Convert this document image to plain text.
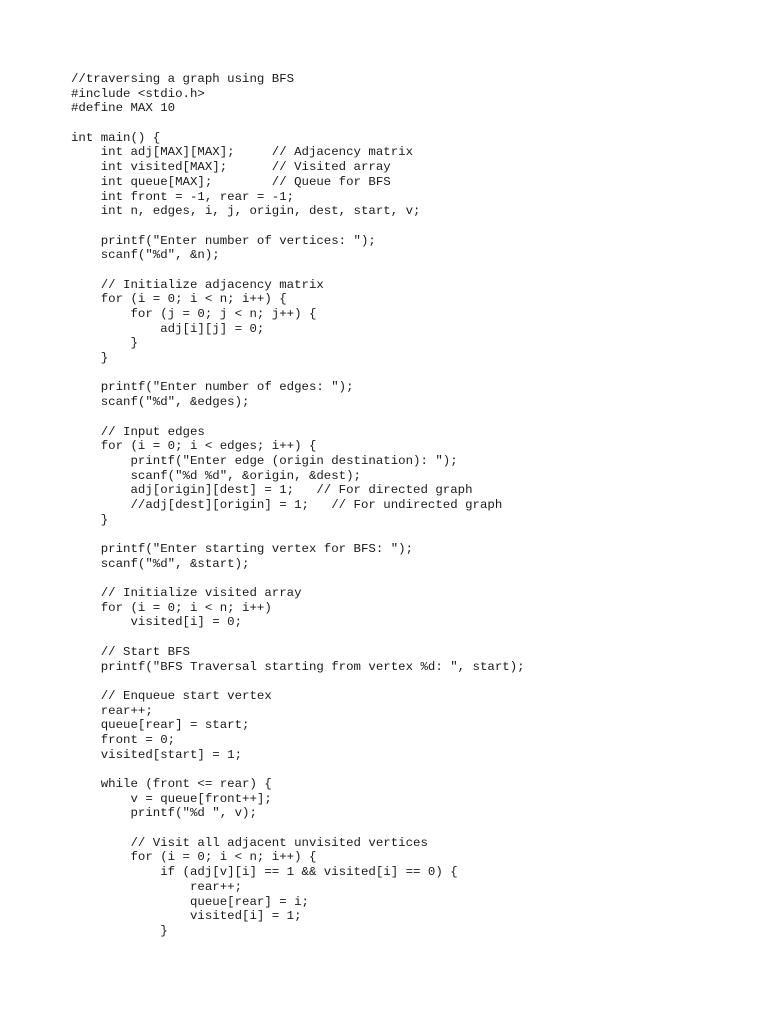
//traversing a graph using BFS
#include <stdio.h>
#define MAX 10
int main() {
int adj[MAX][MAX];     // Adjacency matrix
int visited[MAX];      // Visited array
int queue[MAX];        // Queue for BFS
int front = -1, rear = -1;
int n, edges, i, j, origin, dest, start, v;
printf("Enter number of vertices: ");
scanf("%d", &n);
// Initialize adjacency matrix
for (i = 0; i < n; i++) {
for (j = 0; j < n; j++) {
adj[i][j] = 0;
}
}
printf("Enter number of edges: ");
scanf("%d", &edges);
// Input edges
for (i = 0; i < edges; i++) {
printf("Enter edge (origin destination): ");
scanf("%d %d", &origin, &dest);
adj[origin][dest] = 1;   // For directed graph
//adj[dest][origin] = 1;   // For undirected graph
}
printf("Enter starting vertex for BFS: ");
scanf("%d", &start);
// Initialize visited array
for (i = 0; i < n; i++)
visited[i] = 0;
// Start BFS
printf("BFS Traversal starting from vertex %d: ", start);
// Enqueue start vertex
rear++;
queue[rear] = start;
front = 0;
visited[start] = 1;
while (front <= rear) {
v = queue[front++];
printf("%d ", v);
// Visit all adjacent unvisited vertices
for (i = 0; i < n; i++) {
if (adj[v][i] == 1 && visited[i] == 0) {
rear++;
queue[rear] = i;
visited[i] = 1;
}
